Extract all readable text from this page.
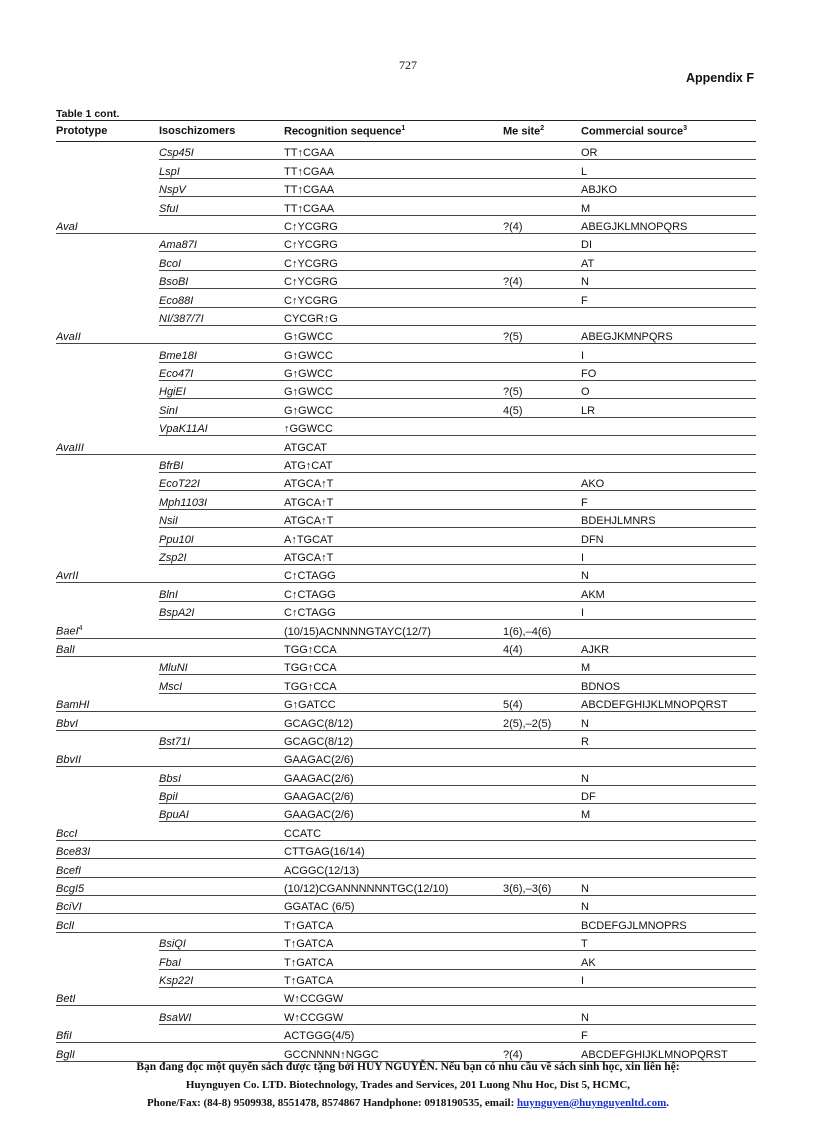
727
Appendix F
Table 1 cont.
Prototype	Isoschizomers	Recognition sequence$^1$	Me site$^2$	Commercial source$^3$
	Csp45I	TT↑CGAA		OR
	LspI	TT↑CGAA		L
	NspV	TT↑CGAA		ABJKO
	SfuI	TT↑CGAA		M
AvaI		C↑YCGRG	?(4)	ABEGJKLMNOPQRS
	Ama87I	C↑YCGRG		DI
	BcoI	C↑YCGRG		AT
	BsoBI	C↑YCGRG	?(4)	N
	Eco88I	C↑YCGRG		F
	NI/387/7I	CYCGR↑G		
AvaII		G↑GWCC	?(5)	ABEGJKMNPQRS
	Bme18I	G↑GWCC		I
	Eco47I	G↑GWCC		FO
	HgiEI	G↑GWCC	?(5)	O
	SinI	G↑GWCC	4(5)	LR
	VpaK11AI	↑GGWCC		
AvaIII		ATGCAT		
	BfrBI	ATG↑CAT		
	EcoT22I	ATGCA↑T		AKO
	Mph1103I	ATGCA↑T		F
	NsiI	ATGCA↑T		BDEHJLMNRS
	Ppu10I	A↑TGCAT		DFN
	Zsp2I	ATGCA↑T		I
AvrII		C↑CTAGG		N
	BlnI	C↑CTAGG		AKM
	BspA2I	C↑CTAGG		I
BaeI$^4$		(10/15)ACNNNNGTAYC(12/7)	1(6),–4(6)	
BalI		TGG↑CCA	4(4)	AJKR
	MluNI	TGG↑CCA		M
	MscI	TGG↑CCA		BDNOS
BamHI		G↑GATCC	5(4)	ABCDEFGHIJKLMNOPQRST
BbvI		GCAGC(8/12)	2(5),–2(5)	N
	Bst71I	GCAGC(8/12)		R
BbvII		GAAGAC(2/6)		
	BbsI	GAAGAC(2/6)		N
	BpiI	GAAGAC(2/6)		DF
	BpuAI	GAAGAC(2/6)		M
BccI		CCATC		
Bce83I		CTTGAG(16/14)		
BcefI		ACGGC(12/13)		
BcgI5		(10/12)CGANNNNNNTGC(12/10)	3(6),–3(6)	N
BciVI		GGATAC (6/5)		N
BclI		T↑GATCA		BCDEFGJLMNOPRS
	BsiQI	T↑GATCA		T
	FbaI	T↑GATCA		AK
	Ksp22I	T↑GATCA		I
BetI		W↑CCGGW		
	BsaWI	W↑CCGGW		N
BfiI		ACTGGG(4/5)		F
BglI		GCCNNNN↑NGGC	?(4)	ABCDEFGHIJKLMNOPQRST
Bạn đang đọc một quyển sách được tặng bởi HUY NGUYỄN. Nếu bạn có nhu cầu về sách sinh học, xin liên hệ:
Huynguyen Co. LTD. Biotechnology, Trades and Services, 201 Luong Nhu Hoc, Dist 5, HCMC,
Phone/Fax: (84-8) 9509938, 8551478, 8574867 Handphone: 0918190535, email: huynguyen@huynguyenltd.com.
